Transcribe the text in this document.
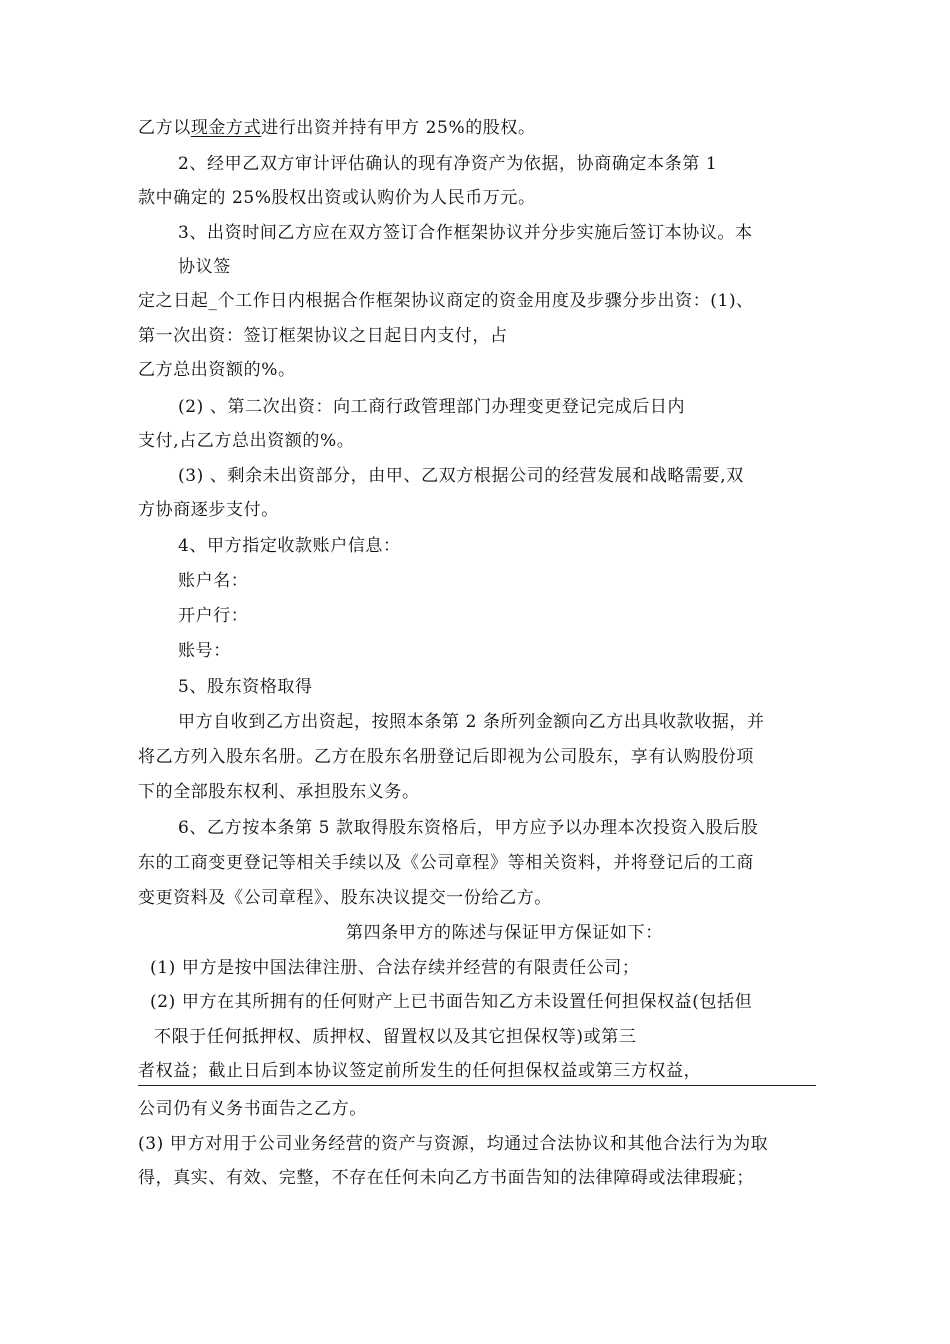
乙方以现金方式进行出资并持有甲方 25%的股权。
2、经甲乙双方审计评估确认的现有净资产为依据，协商确定本条第 1
款中确定的 25%股权出资或认购价为人民币万元。
3、出资时间乙方应在双方签订合作框架协议并分步实施后签订本协议。本
协议签
定之日起_个工作日内根据合作框架协议商定的资金用度及步骤分步出资：(1)、
第一次出资：签订框架协议之日起日内支付，占
乙方总出资额的%。
(2) 、第二次出资：向工商行政管理部门办理变更登记完成后日内
支付,占乙方总出资额的%。
(3) 、剩余未出资部分，由甲、乙双方根据公司的经营发展和战略需要,双
方协商逐步支付。
4、甲方指定收款账户信息：
账户名：
开户行：
账号：
5、股东资格取得
甲方自收到乙方出资起，按照本条第 2 条所列金额向乙方出具收款收据，并
将乙方列入股东名册。乙方在股东名册登记后即视为公司股东，享有认购股份项
下的全部股东权利、承担股东义务。
6、乙方按本条第 5 款取得股东资格后，甲方应予以办理本次投资入股后股
东的工商变更登记等相关手续以及《公司章程》等相关资料，并将登记后的工商
变更资料及《公司章程》、股东决议提交一份给乙方。
第四条甲方的陈述与保证甲方保证如下：
(1) 甲方是按中国法律注册、合法存续并经营的有限责任公司；
(2) 甲方在其所拥有的任何财产上已书面告知乙方未设置任何担保权益(包括但
不限于任何抵押权、质押权、留置权以及其它担保权等)或第三
者权益；截止日后到本协议签定前所发生的任何担保权益或第三方权益，
公司仍有义务书面告之乙方。
(3) 甲方对用于公司业务经营的资产与资源，均通过合法协议和其他合法行为为取
得，真实、有效、完整，不存在任何未向乙方书面告知的法律障碍或法律瑕疵；
